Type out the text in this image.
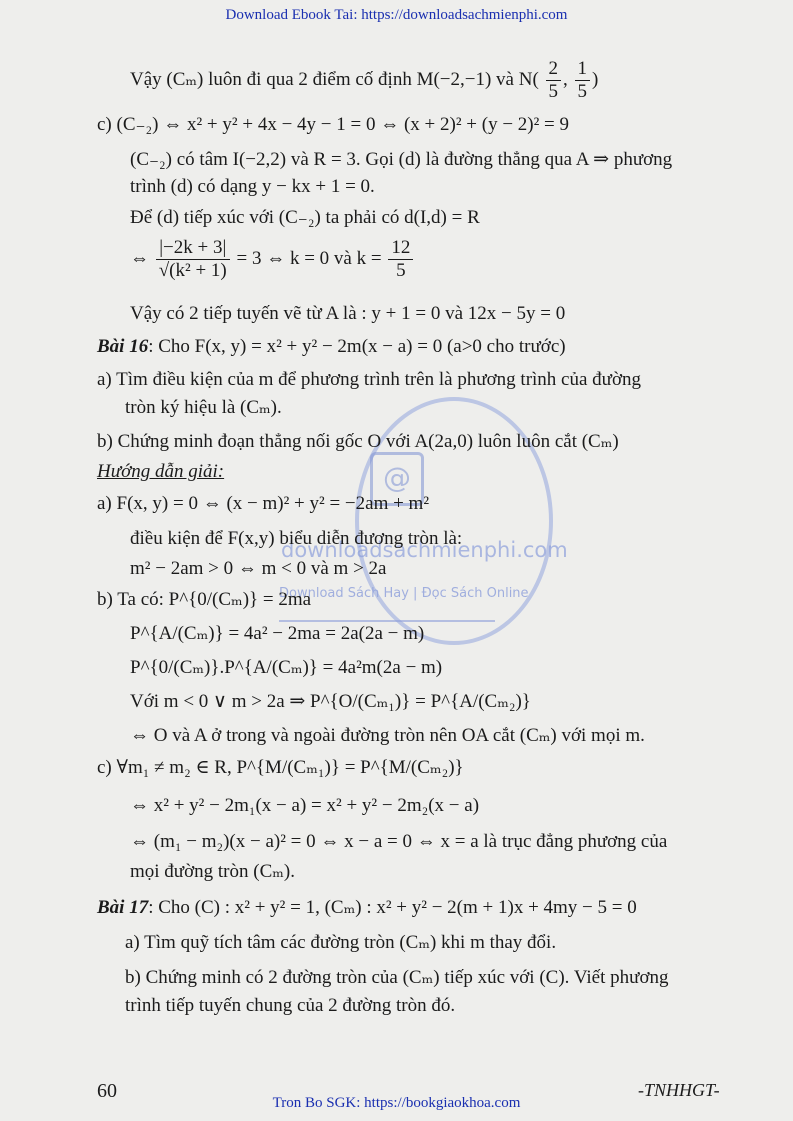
Download Ebook Tai: https://downloadsachmienphi.com
@
downloadsachmienphi.com
Download Sách Hay | Đọc Sách Online
Vậy (Cₘ) luôn đi qua 2 điểm cố định M(−2,−1) và $N( \frac{2}{5}$ , $\frac{1}{5}$ )
c) (C₋₂) ⇔ x² + y² + 4x − 4y − 1 = 0 ⇔ (x + 2)² + (y − 2)² = 9
(C₋₂) có tâm I(−2,2) và R = 3. Gọi (d) là đường thẳng qua A ⇒ phương
trình (d) có dạng y − kx + 1 = 0.
Để (d) tiếp xúc với (C₋₂) ta phải có d(I,d) = R
⇔ $\frac{|-2k + 3|}{\text{√(k² + 1)}} = 3$ ⇔ k = 0 và $k = \frac{12}{5}$
Vậy có 2 tiếp tuyến vẽ từ A là : y + 1 = 0 và 12x − 5y = 0
Bài 16: Cho F(x, y) = x² + y² − 2m(x − a) = 0 (a>0 cho trước)
a) Tìm điều kiện của m để phương trình trên là phương trình của đường
tròn ký hiệu là (Cₘ).
b) Chứng minh đoạn thẳng nối gốc O với A(2a,0) luôn luôn cắt (Cₘ)
Hướng dẫn giải:
a) F(x, y) = 0 ⇔ (x − m)² + y² = −2am + m²
điều kiện để F(x,y) biểu diễn đương tròn là:
m² − 2am > 0 ⇔ m < 0 và m > 2a
b) Ta có: P^{0/(Cₘ)} = 2ma
P^{A/(Cₘ)} = 4a² − 2ma = 2a(2a − m)
P^{0/(Cₘ)}.P^{A/(Cₘ)} = 4a²m(2a − m)
Với m < 0 ∨ m > 2a ⇒ P^{O/(Cₘ₁)} = P^{A/(Cₘ₂)}
⇔ O và A ở trong và ngoài đường tròn nên OA cắt (Cₘ) với mọi m.
c) ∀m₁ ≠ m₂ ∈ R, P^{M/(Cₘ₁)} = P^{M/(Cₘ₂)}
⇔ x² + y² − 2m₁(x − a) = x² + y² − 2m₂(x − a)
⇔ (m₁ − m₂)(x − a)² = 0 ⇔ x − a = 0 ⇔ x = a là trục đẳng phương của
mọi đường tròn (Cₘ).
Bài 17: Cho (C) : x² + y² = 1, (Cₘ) : x² + y² − 2(m + 1)x + 4my − 5 = 0
a) Tìm quỹ tích tâm các đường tròn (Cₘ) khi m thay đổi.
b) Chứng minh có 2 đường tròn của (Cₘ) tiếp xúc với (C). Viết phương
trình tiếp tuyến chung của 2 đường tròn đó.
60	-TNHHGT-
Tron Bo SGK: https://bookgiaokhoa.com
